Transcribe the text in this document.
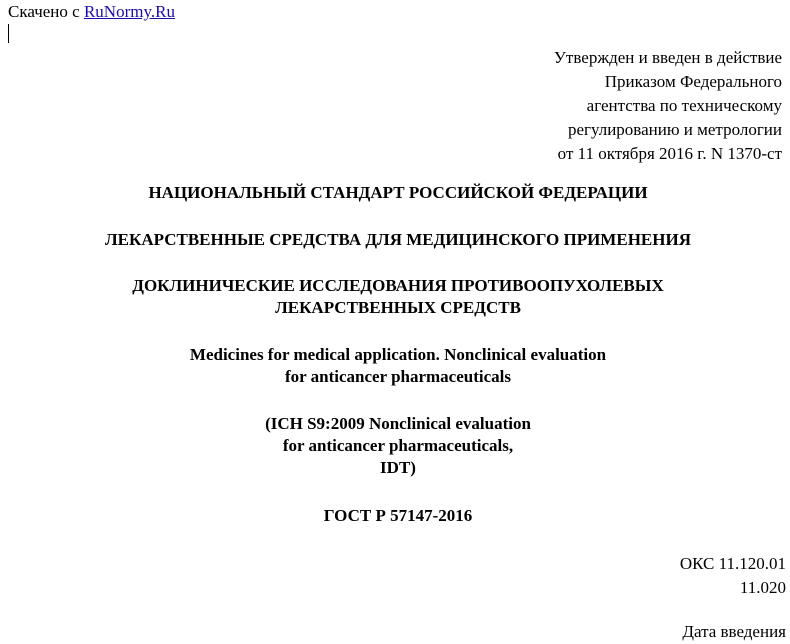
Скачено с RuNormy.Ru
Утвержден и введен в действие
Приказом Федерального
агентства по техническому
регулированию и метрологии
от 11 октября 2016 г. N 1370-ст
НАЦИОНАЛЬНЫЙ СТАНДАРТ РОССИЙСКОЙ ФЕДЕРАЦИИ
ЛЕКАРСТВЕННЫЕ СРЕДСТВА ДЛЯ МЕДИЦИНСКОГО ПРИМЕНЕНИЯ
ДОКЛИНИЧЕСКИЕ ИССЛЕДОВАНИЯ ПРОТИВООПУХОЛЕВЫХ
ЛЕКАРСТВЕННЫХ СРЕДСТВ
Medicines for medical application. Nonclinical evaluation
for anticancer pharmaceuticals
(ICH S9:2009 Nonclinical evaluation
for anticancer pharmaceuticals,
IDT)
ГОСТ Р 57147-2016
ОКС 11.120.01
11.020
Дата введения
